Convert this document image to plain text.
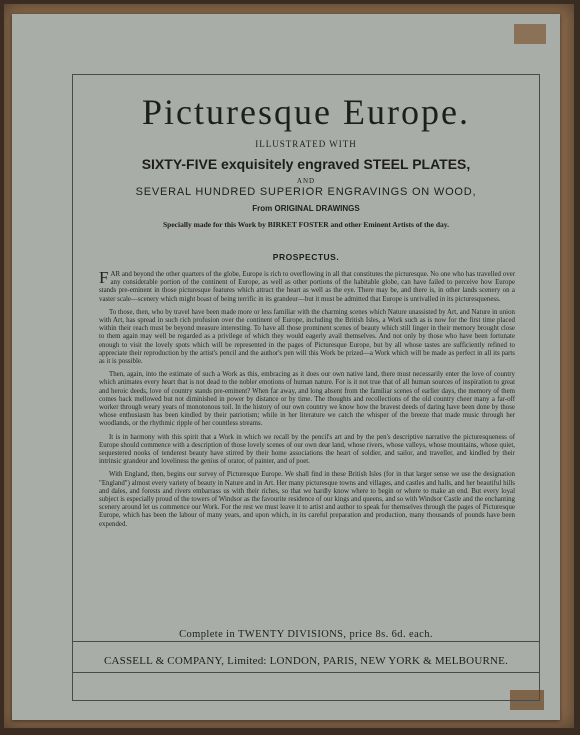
Picturesque Europe.
ILLUSTRATED WITH
SIXTY-FIVE exquisitely engraved STEEL PLATES,
AND
SEVERAL HUNDRED SUPERIOR ENGRAVINGS ON WOOD,
From ORIGINAL DRAWINGS
Specially made for this Work by BIRKET FOSTER and other Eminent Artists of the day.
PROSPECTUS.

FAR and beyond the other quarters of the globe, Europe is rich to overflowing in all that constitutes the picturesque. No one who has travelled over any considerable portion of the continent of Europe, as well as other portions of the habitable globe, can have failed to perceive how Europe stands pre-eminent in those picturesque features which attract the heart as well as the eye. There may be, and there is, in other lands scenery on a vaster scale—scenery which might boast of being terrific in its grandeur—but it must be admitted that Europe is unrivalled in its picturesqueness.

To those, then, who by travel have been made more or less familiar with the charming scenes which Nature unassisted by Art, and Nature in union with Art, has spread in such rich profusion over the continent of Europe, including the British Isles, a Work such as is now for the first time placed within their reach must be beyond measure interesting. To have all those prominent scenes of beauty which still linger in their memory brought close to them again may well be regarded as a privilege of which they would eagerly avail themselves. And not only by those who have been fortunate enough to visit the lovely spots which will be represented in the pages of Picturesque Europe, but by all whose tastes are sufficiently refined to appreciate their reproduction by the artist's pencil and the author's pen will this Work be prized—a Work which will be made as perfect in all its parts as it is possible.

Then, again, into the estimate of such a Work as this, embracing as it does our own native land, there must necessarily enter the love of country which animates every heart that is not dead to the nobler emotions of human nature. For is it not true that of all human sources of inspiration to great and heroic deeds, love of country stands pre-eminent? When far away, and long absent from the familiar scenes of earlier days, the memory of them comes back mellowed but not diminished in power by distance or by time. The thoughts and recollections of the old country cheer many a far-off worker through weary years of monotonous toil. In the history of our own country we know how the bravest deeds of daring have been done by those whose enthusiasm has been kindled by their patriotism; while in her literature we catch the whisper of the breeze that made music through her woodlands, or the rhythmic ripple of her countless streams.

It is in harmony with this spirit that a Work in which we recall by the pencil's art and by the pen's descriptive narrative the picturesqueness of Europe should commence with a description of those lovely scenes of our own dear land, whose rivers, whose valleys, whose mountains, whose quiet, sequestered nooks of tenderest beauty have stirred by their home associations the heart of soldier, and sailor, and traveller, and kindled by their intrinsic grandeur and loveliness the genius of orator, of painter, and of poet.

With England, then, begins our survey of Picturesque Europe. We shall find in these British Isles (for in that larger sense we use the designation "England") almost every variety of beauty in Nature and in Art. Her many picturesque towns and villages, and castles and halls, and her beautiful hills and dales, and forests and rivers embarrass us with their riches, so that we hardly know where to begin or where to make an end. But every loyal subject is especially proud of the towers of Windsor as the favourite residence of our kings and queens, and so with Windsor Castle and the enchanting scenery around let us commence our Work. For the rest we must leave it to artist and author to speak for themselves through the pages of Picturesque Europe, which has been the labour of many years, and upon which, in its careful preparation and production, many thousands of pounds have been expended.

Complete in TWENTY DIVISIONS, price 8s. 6d. each.
CASSELL & COMPANY, Limited: LONDON, PARIS, NEW YORK & MELBOURNE.
